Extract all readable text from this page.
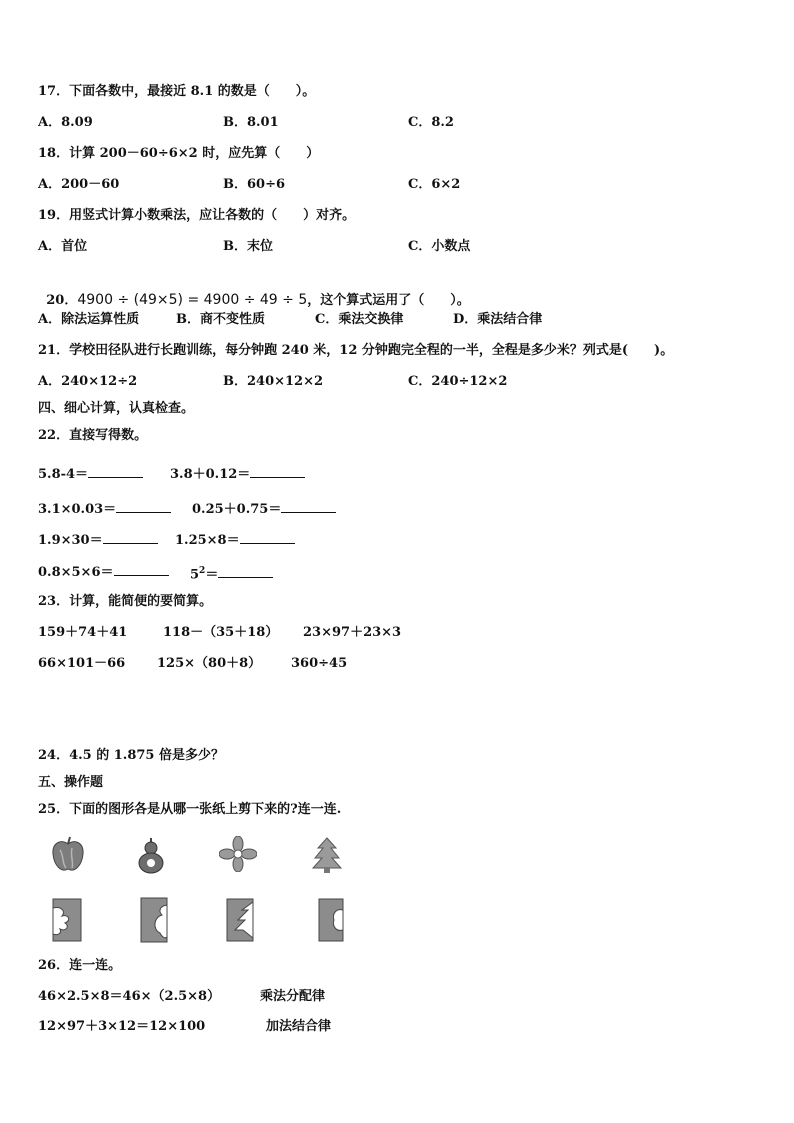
17．下面各数中，最接近 8.1 的数是（　　）。
A．8.09	B．8.01	C．8.2
18．计算 200－60÷6×2 时，应先算（　　）
A．200－60	B．60÷6	C．6×2
19．用竖式计算小数乘法，应让各数的（　　）对齐。
A．首位	B．末位	C．小数点

20．4900 ÷ (49×5) = 4900 ÷ 49 ÷ 5，这个算式运用了（　　）。

A．除法运算性质	B．商不变性质	C．乘法交换律	D．乘法结合律
21．学校田径队进行长跑训练，每分钟跑 240 米，12 分钟跑完全程的一半，全程是多少米？列式是(　　)。
A．240×12÷2	B．240×12×2	C．240÷12×2
四、细心计算，认真检查。
22．直接写得数。
5.8-4＝	3.8＋0.12＝
3.1×0.03＝	0.25＋0.75＝
1.9×30＝	1.25×8＝
0.8×5×6＝	$5^2=$
23．计算，能简便的要简算。
159＋74＋41	118－（35＋18） 23×97＋23×3
66×101－66 125×（80＋8） 360÷45
24．4.5 的 1.875 倍是多少？
五、操作题
25．下面的图形各是从哪一张纸上剪下来的?连一连.
26．连一连。
46×2.5×8＝46×（2.5×8）	乘法分配律
12×97＋3×12＝12×100	加法结合律
